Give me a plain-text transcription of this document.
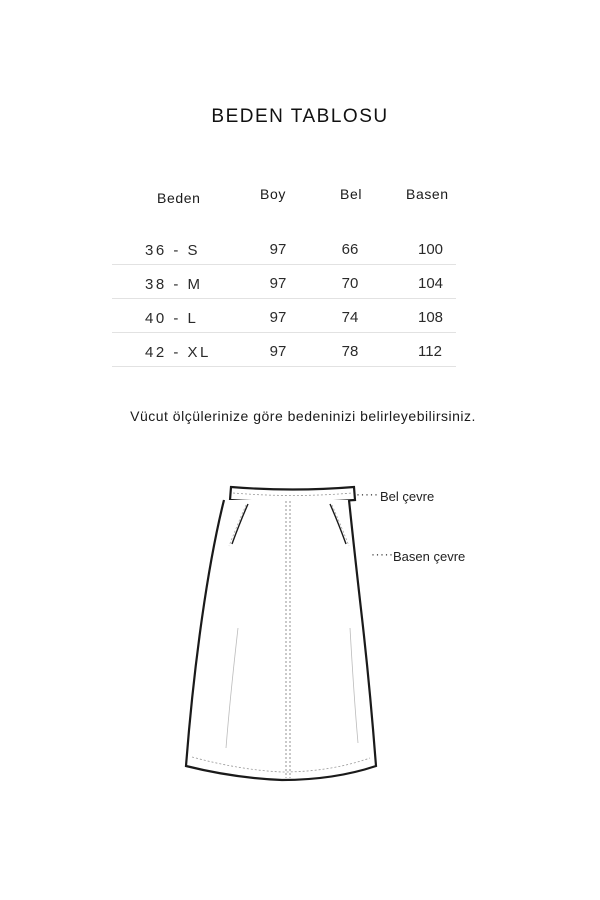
BEDEN TABLOSU
Beden	Boy	Bel	Basen
36 - S	97	66	100
38 - M	97	70	104
40 - L	97	74	108
42 - XL	97	78	112
Vücut ölçülerinize göre bedeninizi belirleyebilirsiniz.
····· Bel çevre
····· Basen çevre
